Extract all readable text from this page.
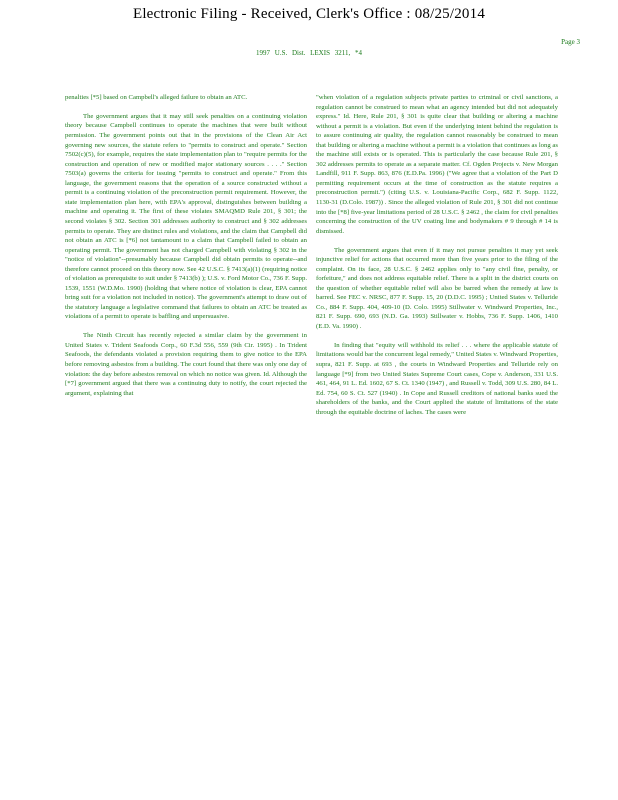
Electronic Filing - Received, Clerk's Office : 08/25/2014
Page 3
1997 U.S. Dist. LEXIS 3211, *4

penalties [*5] based on Campbell's alleged failure to obtain an ATC.

The government argues that it may still seek penalties on a continuing violation theory because Campbell continues to operate the machines that were built without permission. The government points out that in the provisions of the Clean Air Act governing new sources, the statute refers to "permits to construct and operate." Section 7502(c)(5), for example, requires the state implementation plan to "require permits for the construction and operation of new or modified major stationary sources . . . ." Section 7503(a) governs the criteria for issuing "permits to construct and operate." From this language, the government reasons that the operation of a source constructed without a permit is a continuing violation of the preconstruction permit requirement. However, the state implementation plan here, with EPA's approval, distinguishes between building a machine and operating it. The first of these violates SMAQMD Rule 201, § 301; the second violates § 302. Section 301 addresses authority to construct and § 302 addresses permits to operate. They are distinct rules and violations, and the claim that Campbell did not obtain an ATC is [*6] not tantamount to a claim that Campbell failed to obtain an operating permit. The government has not charged Campbell with violating § 302 in the "notice of violation"--presumably because Campbell did obtain permits to operate--and therefore cannot proceed on this theory now. See 42 U.S.C. § 7413(a)(1) (requiring notice of violation as prerequisite to suit under § 7413(b) ); U.S. v. Ford Motor Co., 736 F. Supp. 1539, 1551 (W.D.Mo. 1990) (holding that where notice of violation is clear, EPA cannot bring suit for a violation not included in notice). The government's attempt to draw out of the statutory language a legislative command that failures to obtain an ATC be treated as violations of a permit to operate is baffling and unpersuasive.

The Ninth Circuit has recently rejected a similar claim by the government in United States v. Trident Seafoods Corp., 60 F.3d 556, 559 (9th Cir. 1995) . In Trident Seafoods, the defendants violated a provision requiring them to give notice to the EPA before removing asbestos from a building. The court found that there was only one day of violation: the day before asbestos removal on which no notice was given. Id. Although the [*7] government argued that there was a continuing duty to notify, the court rejected the argument, explaining that

"when violation of a regulation subjects private parties to criminal or civil sanctions, a regulation cannot be construed to mean what an agency intended but did not adequately express." Id. Here, Rule 201, § 301 is quite clear that building or altering a machine without a permit is a violation. But even if the underlying intent behind the regulation is to assure continuing air quality, the regulation cannot reasonably be construed to mean that building or altering a machine without a permit is a violation that continues as long as the machine still exists or is operated. This is particularly the case because Rule 201, § 302 addresses permits to operate as a separate matter. Cf. Ogden Projects v. New Morgan Landfill, 911 F. Supp. 863, 876 (E.D.Pa. 1996) ("We agree that a violation of the Part D permitting requirement occurs at the time of construction as the statute requires a preconstruction permit.") (citing U.S. v. Louisiana-Pacific Corp., 682 F. Supp. 1122, 1130-31 (D.Colo. 1987)) . Since the alleged violation of Rule 201, § 301 did not continue into the [*8] five-year limitations period of 28 U.S.C. § 2462 , the claim for civil penalties concerning the construction of the UV coating line and bodymakers # 9 through # 14 is dismissed.

The government argues that even if it may not pursue penalties it may yet seek injunctive relief for actions that occurred more than five years prior to the filing of the complaint. On its face, 28 U.S.C. § 2462 applies only to "any civil fine, penalty, or forfeiture," and does not address equitable relief. There is a split in the district courts on the question of whether equitable relief will also be barred when the remedy at law is barred. See FEC v. NRSC, 877 F. Supp. 15, 20 (D.D.C. 1995) ; United States v. Telluride Co., 884 F. Supp. 404, 409-10 (D. Colo. 1995) Stillwater v. Windward Properties, Inc., 821 F. Supp. 690, 693 (N.D. Ga. 1993) Stillwater v. Hobbs, 736 F. Supp. 1406, 1410 (E.D. Va. 1990) .

In finding that "equity will withhold its relief . . . where the applicable statute of limitations would bar the concurrent legal remedy," United States v. Windward Properties, supra, 821 F. Supp. at 693 , the courts in Windward Properties and Telluride rely on language [*9] from two United States Supreme Court cases, Cope v. Anderson, 331 U.S. 461, 464, 91 L. Ed. 1602, 67 S. Ct. 1340 (1947) , and Russell v. Todd, 309 U.S. 280, 84 L. Ed. 754, 60 S. Ct. 527 (1940) . In Cope and Russell creditors of national banks sued the shareholders of the banks, and the Court applied the statute of limitations of the state through the equitable doctrine of laches. The cases were
